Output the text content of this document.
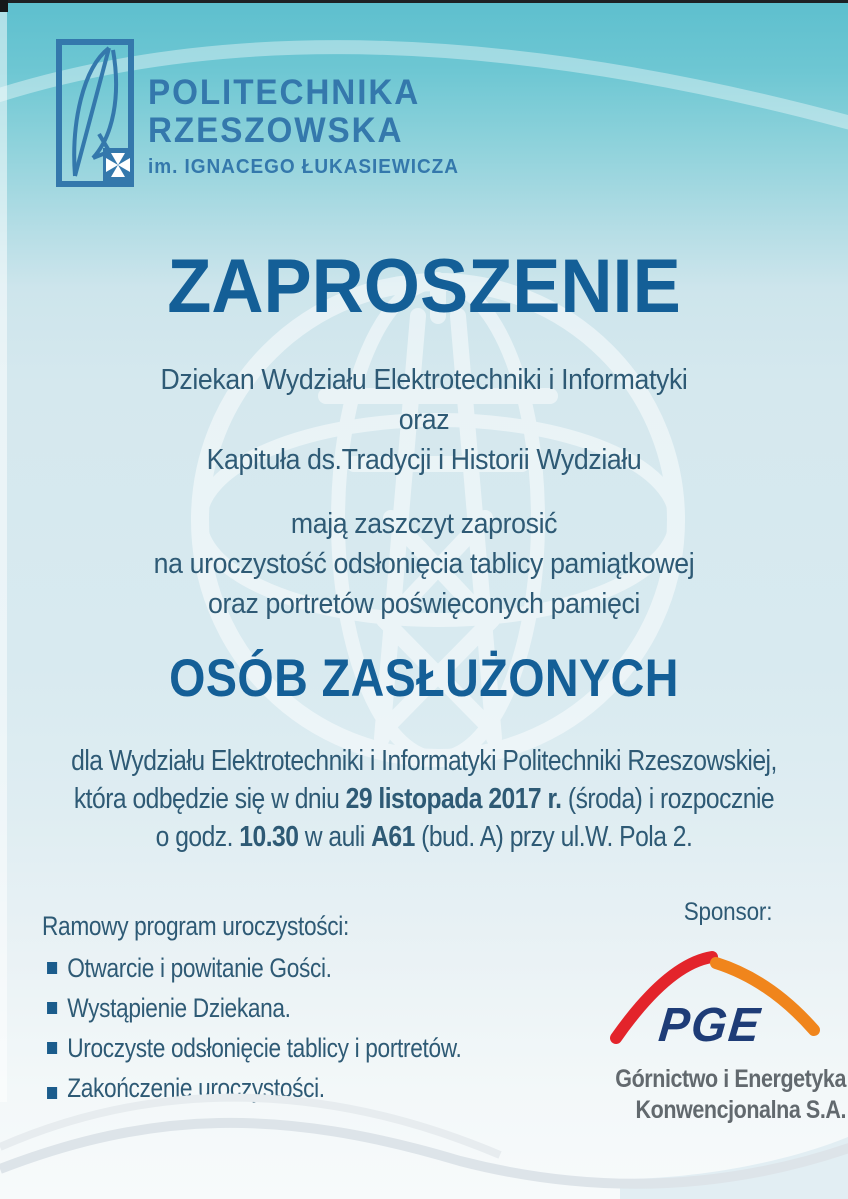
POLITECHNIKA
RZESZOWSKA
im. IGNACEGO ŁUKASIEWICZA
ZAPROSZENIE
Dziekan Wydziału Elektrotechniki i Informatyki
oraz
Kapituła ds.Tradycji i Historii Wydziału
mają zaszczyt zaprosić
na uroczystość odsłonięcia tablicy pamiątkowej
oraz portretów poświęconych pamięci
OSÓB ZASŁUŻONYCH
dla Wydziału Elektrotechniki i Informatyki Politechniki Rzeszowskiej,
która odbędzie się w dniu 29 listopada 2017 r. (środa) i rozpocznie
o godz. 10.30 w auli A61 (bud. A) przy ul.W. Pola 2.
Ramowy program uroczystości:
Otwarcie i powitanie Gości.
Wystąpienie Dziekana.
Uroczyste odsłonięcie tablicy i portretów.
Zakończenie uroczystości.
Sponsor:
PGE
Górnictwo i Energetyka
Konwencjonalna S.A.
